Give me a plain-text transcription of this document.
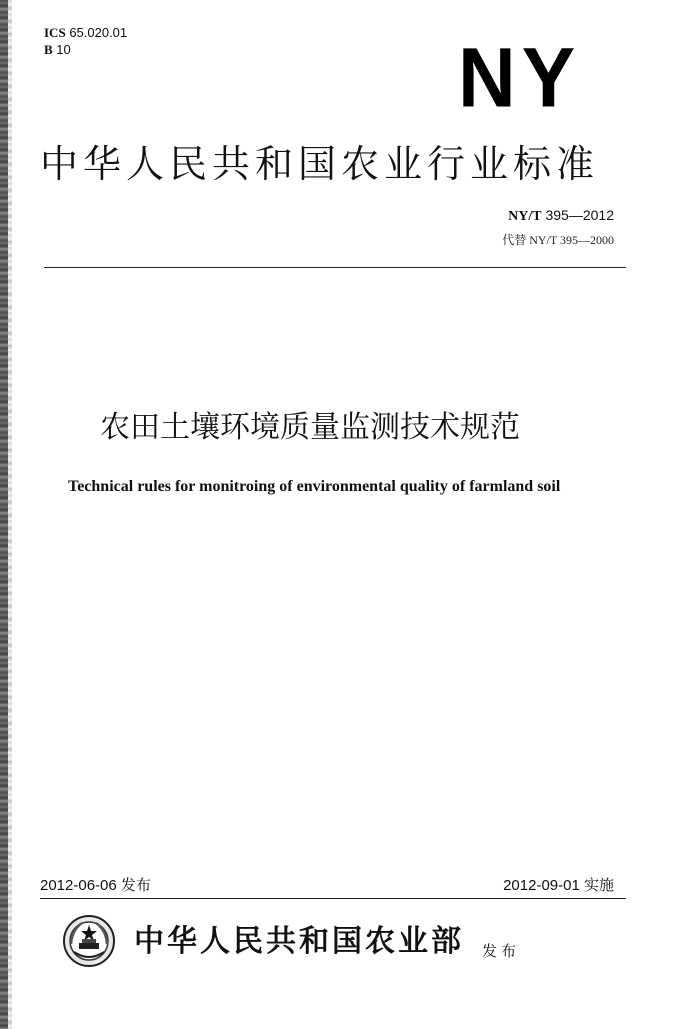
ICS 65.020.01
B 10	NY
中华人民共和国农业行业标准
NY/T 395—2012
代替 NY/T 395—2000
农田土壤环境质量监测技术规范
Technical rules for monitroing of environmental quality of farmland soil
2012-06-06 发布	2012-09-01 实施
中华人民共和国农业部 发布
